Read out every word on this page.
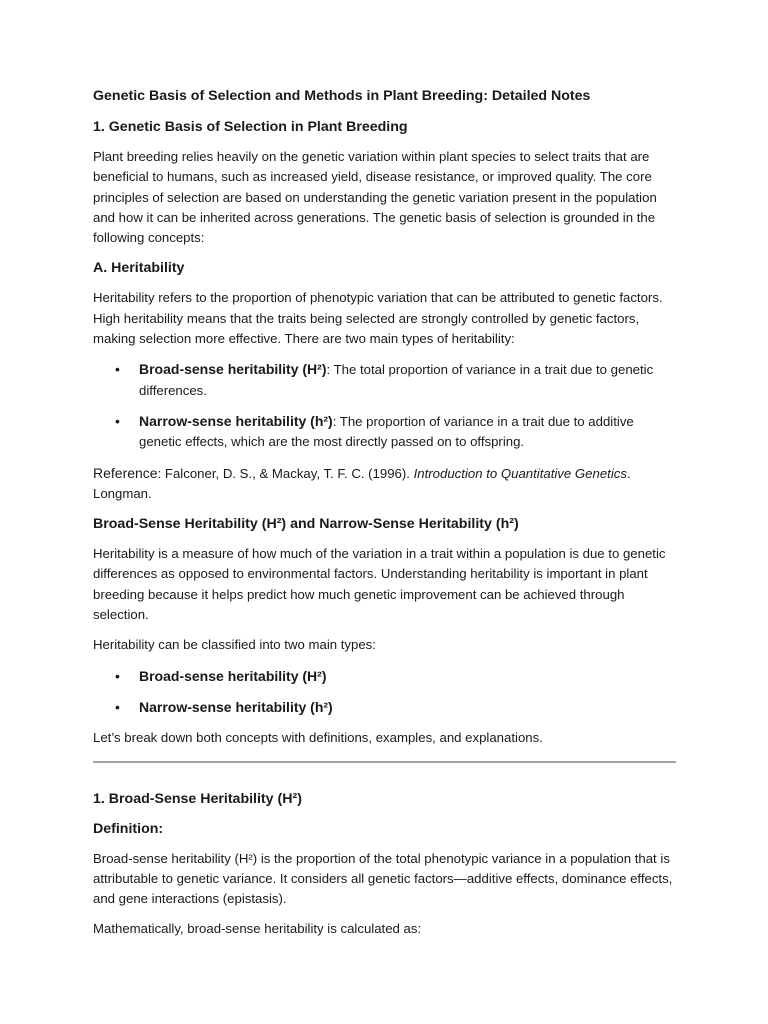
Genetic Basis of Selection and Methods in Plant Breeding: Detailed Notes
1. Genetic Basis of Selection in Plant Breeding

Plant breeding relies heavily on the genetic variation within plant species to select traits that are beneficial to humans, such as increased yield, disease resistance, or improved quality. The core principles of selection are based on understanding the genetic variation present in the population and how it can be inherited across generations. The genetic basis of selection is grounded in the following concepts:

A. Heritability

Heritability refers to the proportion of phenotypic variation that can be attributed to genetic factors. High heritability means that the traits being selected are strongly controlled by genetic factors, making selection more effective. There are two main types of heritability:

• Broad-sense heritability (H²): The total proportion of variance in a trait due to genetic differences.
• Narrow-sense heritability (h²): The proportion of variance in a trait due to additive genetic effects, which are the most directly passed on to offspring.

Reference: Falconer, D. S., & Mackay, T. F. C. (1996). Introduction to Quantitative Genetics. Longman.

Broad-Sense Heritability (H²) and Narrow-Sense Heritability (h²)

Heritability is a measure of how much of the variation in a trait within a population is due to genetic differences as opposed to environmental factors. Understanding heritability is important in plant breeding because it helps predict how much genetic improvement can be achieved through selection.

Heritability can be classified into two main types:

• Broad-sense heritability (H²)
• Narrow-sense heritability (h²)

Let’s break down both concepts with definitions, examples, and explanations.

1. Broad-Sense Heritability (H²)
Definition:

Broad-sense heritability (H²) is the proportion of the total phenotypic variance in a population that is attributable to genetic variance. It considers all genetic factors—additive effects, dominance effects, and gene interactions (epistasis).

Mathematically, broad-sense heritability is calculated as:
